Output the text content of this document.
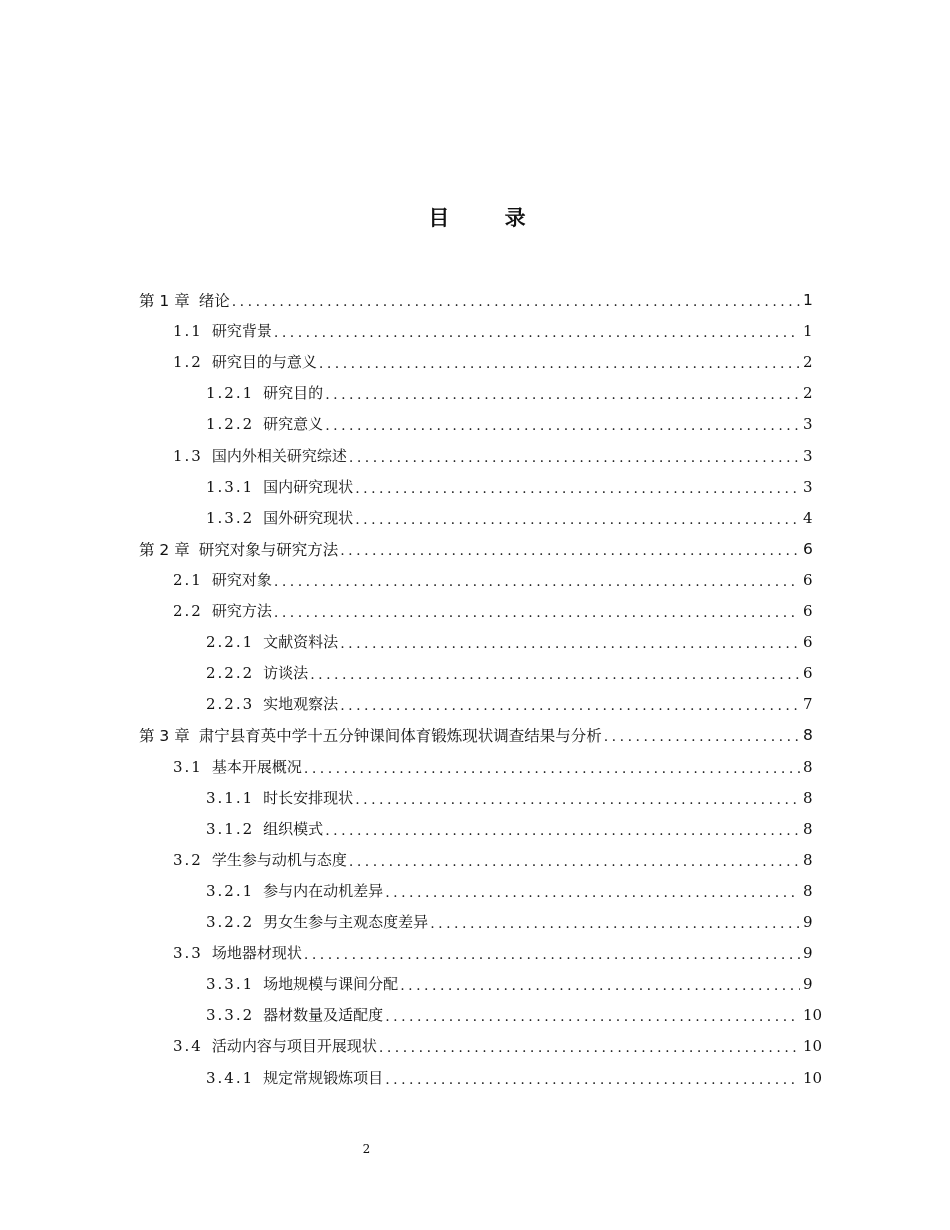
目 录
第 1 章 绪论 .....	1
1.1 研究背景 .....	1
1.2 研究目的与意义 .....	2
1.2.1 研究目的 .....	2
1.2.2 研究意义 .....	3
1.3 国内外相关研究综述 .....	3
1.3.1 国内研究现状 .....	3
1.3.2 国外研究现状 .....	4
第 2 章 研究对象与研究方法 .....	6
2.1 研究对象 .....	6
2.2 研究方法 .....	6
2.2.1 文献资料法 .....	6
2.2.2 访谈法 .....	6
2.2.3 实地观察法 .....	7
第 3 章 肃宁县育英中学十五分钟课间体育锻炼现状调查结果与分析 .....	8
3.1 基本开展概况 .....	8
3.1.1 时长安排现状 .....	8
3.1.2 组织模式 .....	8
3.2 学生参与动机与态度 .....	8
3.2.1 参与内在动机差异 .....	8
3.2.2 男女生参与主观态度差异 .....	9
3.3 场地器材现状 .....	9
3.3.1 场地规模与课间分配 .....	9
3.3.2 器材数量及适配度 .....	10
3.4 活动内容与项目开展现状 .....	10
3.4.1 规定常规锻炼项目 .....	10
2
